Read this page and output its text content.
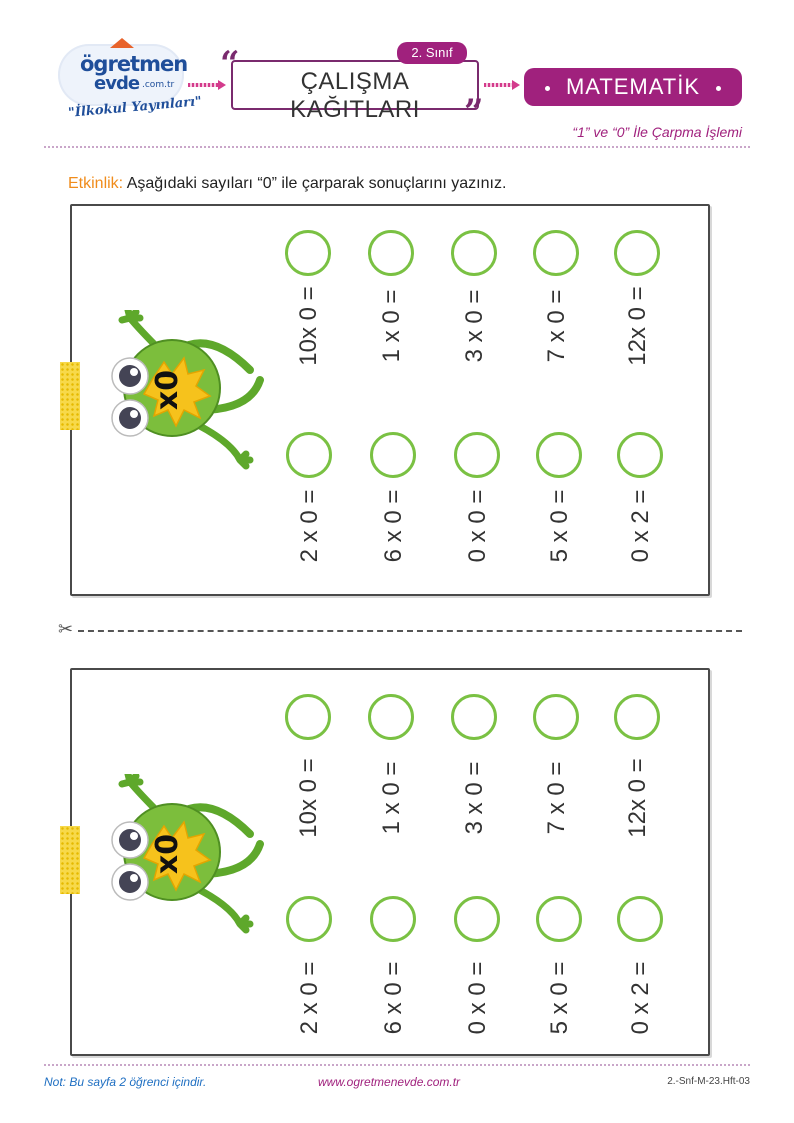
ögretmen
evde .com.tr
"İlkokul Yayınları"
“
”
2. Sınıf
ÇALIŞMA KAĞITLARI
MATEMATİK
“1” ve “0” İle Çarpma İşlemi
Etkinlik: Aşağıdaki sayıları “0” ile çarparak sonuçlarını yazınız.
x0
10x 0 = 1 x 0 = 3 x 0 = 7 x 0 = 12x 0 =
2 x 0 = 6 x 0 = 0 x 0 = 5 x 0 = 0 x 2 =
✂
x0
10x 0 = 1 x 0 = 3 x 0 = 7 x 0 = 12x 0 =
2 x 0 = 6 x 0 = 0 x 0 = 5 x 0 = 0 x 2 =
Not: Bu sayfa 2 öğrenci içindir.	www.ogretmenevde.com.tr	2.-Snf-M-23.Hft-03
